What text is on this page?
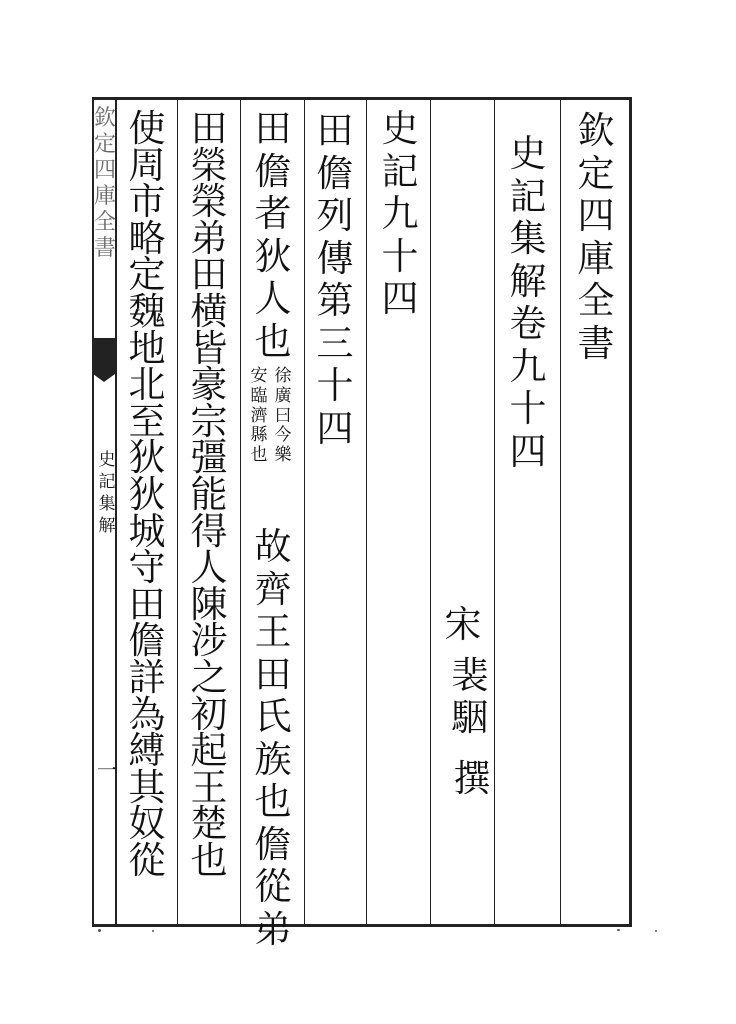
欽
定
四
庫
全
書
史
記
集
解
卷
九
十
四
宋
裴
駰
撰
史
記
九
十
四
田
儋
列
傳
第
三
十
四
田
儋
者
狄
人
也
徐
廣
曰
今
樂
安
臨
濟
縣
也
故
齊
王
田
氏
族
也
儋
從
弟
田
榮
榮
弟
田
横
皆
豪
宗
彊
能
得
人
陳
涉
之
初
起
王
楚
也
使
周
市
略
定
魏
地
北
至
狄
狄
城
守
田
儋
詳
為
縛
其
奴
從
欽
定
四
庫
全
書
史
記
集
解
一
